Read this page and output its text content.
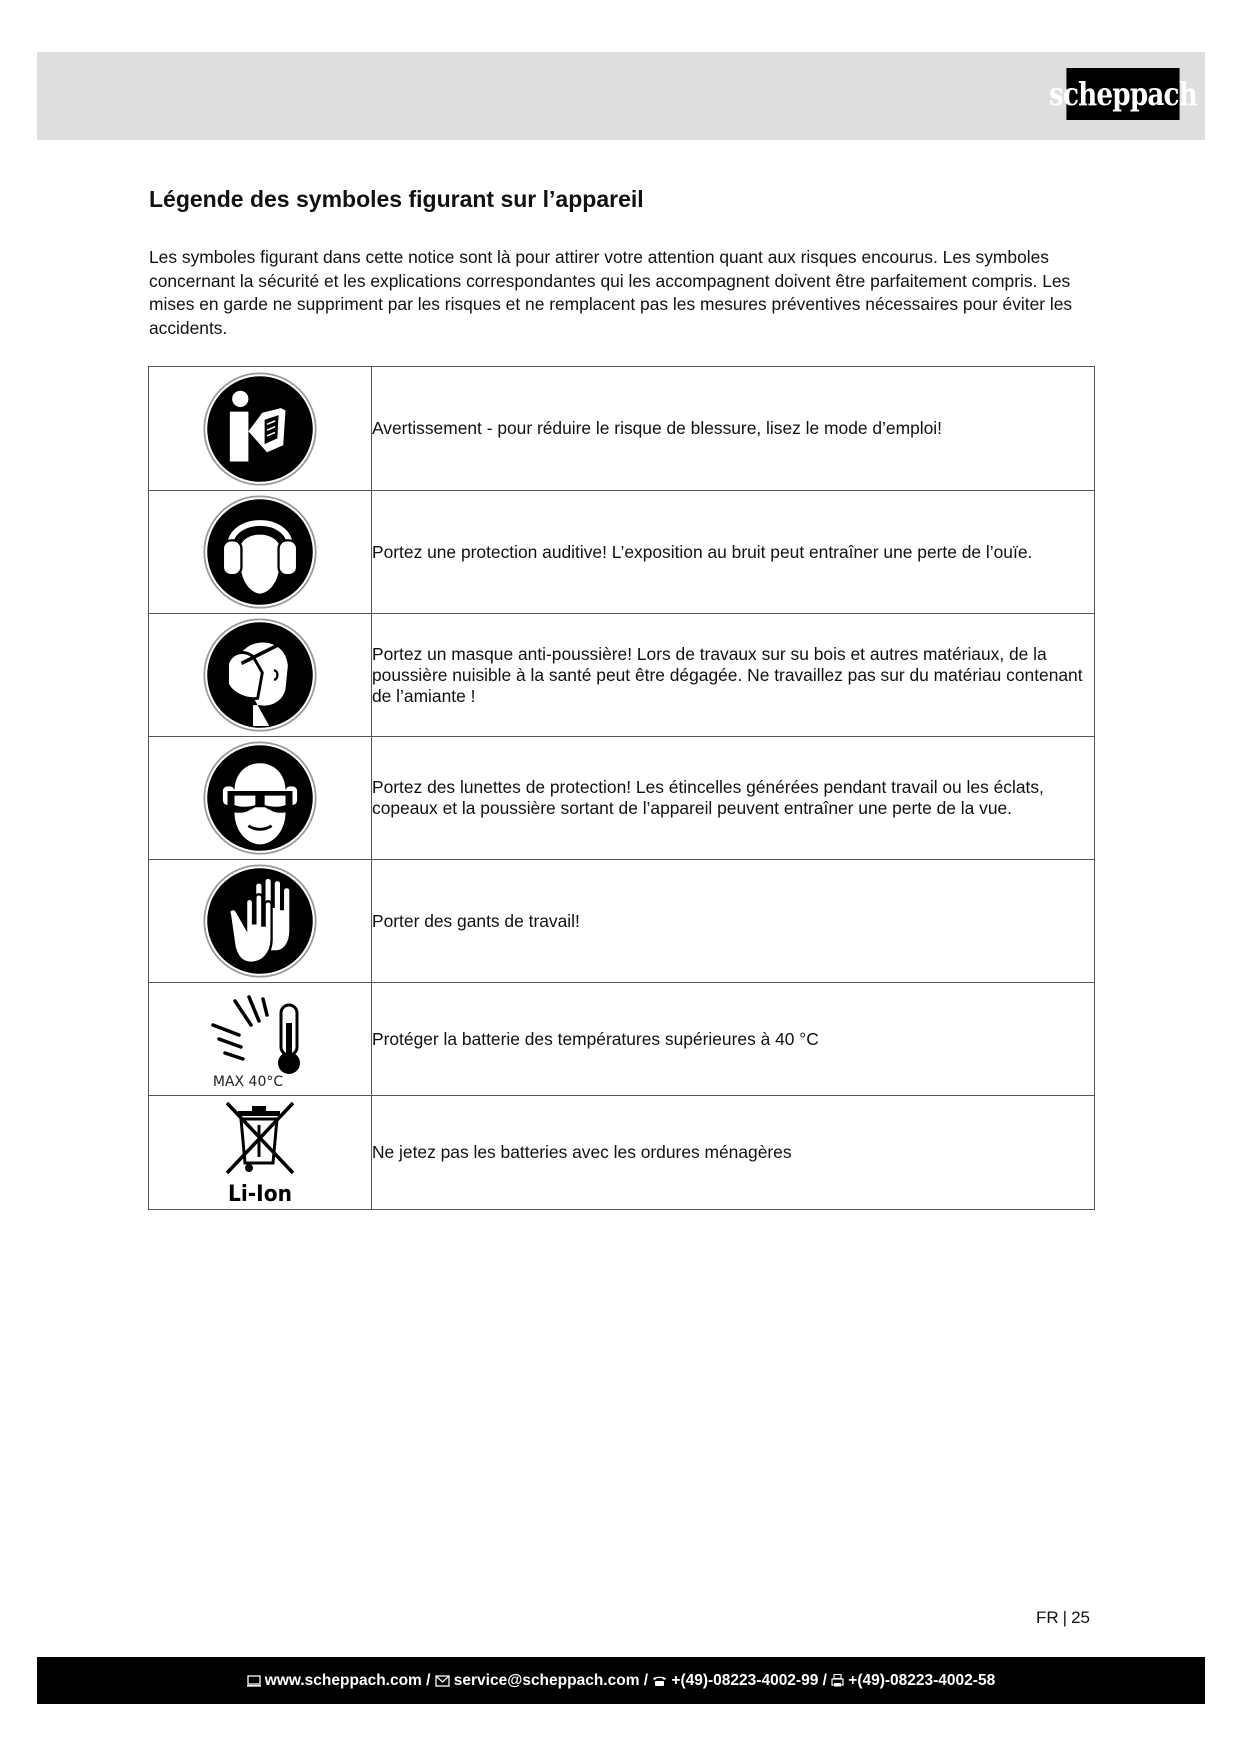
scheppach
Légende des symboles figurant sur l’appareil

Les symboles figurant dans cette notice sont là pour attirer votre attention quant aux risques encourus. Les symboles concernant la sécurité et les explications correspondantes qui les accompagnent doivent être parfaitement compris. Les mises en garde ne suppriment par les risques et ne remplacent pas les mesures préventives nécessaires pour éviter les accidents.

	Avertissement - pour réduire le risque de blessure, lisez le mode d’emploi!

	Portez une protection auditive! L’exposition au bruit peut entraîner une perte de l’ouïe.

	Portez un masque anti-poussière! Lors de travaux sur su bois et autres matériaux, de la poussière nuisible à la santé peut être dégagée. Ne travaillez pas sur du matériau contenant de l’amiante !

	Portez des lunettes de protection! Les étincelles générées pendant travail ou les éclats, copeaux et la poussière sortant de l’appareil peuvent entraîner une perte de la vue.

	Porter des gants de travail!

MAX 40°C	Protéger la batterie des températures supérieures à 40 °C

Li-Ion	Ne jetez pas les batteries avec les ordures ménagères
FR | 25
www.scheppach.com / service@scheppach.com / +(49)-08223-4002-99 / +(49)-08223-4002-58
